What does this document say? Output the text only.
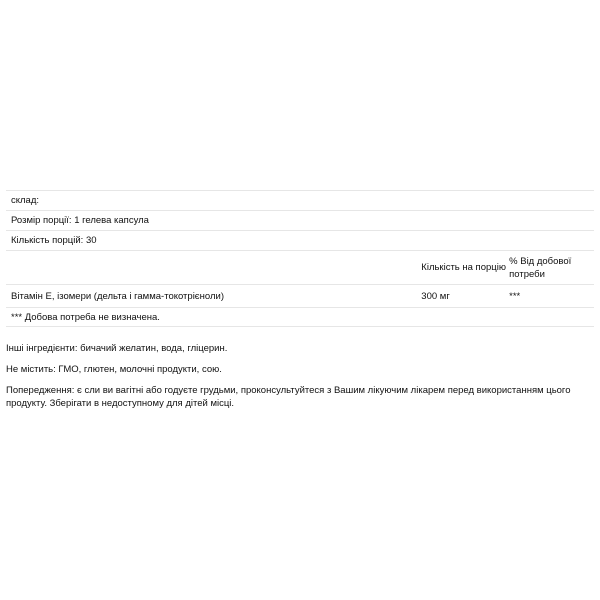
склад:
Розмір порції: 1 гелева капсула
Кількість порцій: 30
Кількість на порцію
% Від добової потреби
Вітамін Е, ізомери (дельта і гамма-токотрієноли)	300 мг	***
*** Добова потреба не визначена.

Інші інгредієнти: бичачий желатин, вода, гліцерин.

Не містить: ГМО, глютен, молочні продукти, сою.

Попередження: є сли ви вагітні або годуєте грудьми, проконсультуйтеся з Вашим лікуючим лікарем перед використанням цього продукту. Зберігати в недоступному для дітей місці.
